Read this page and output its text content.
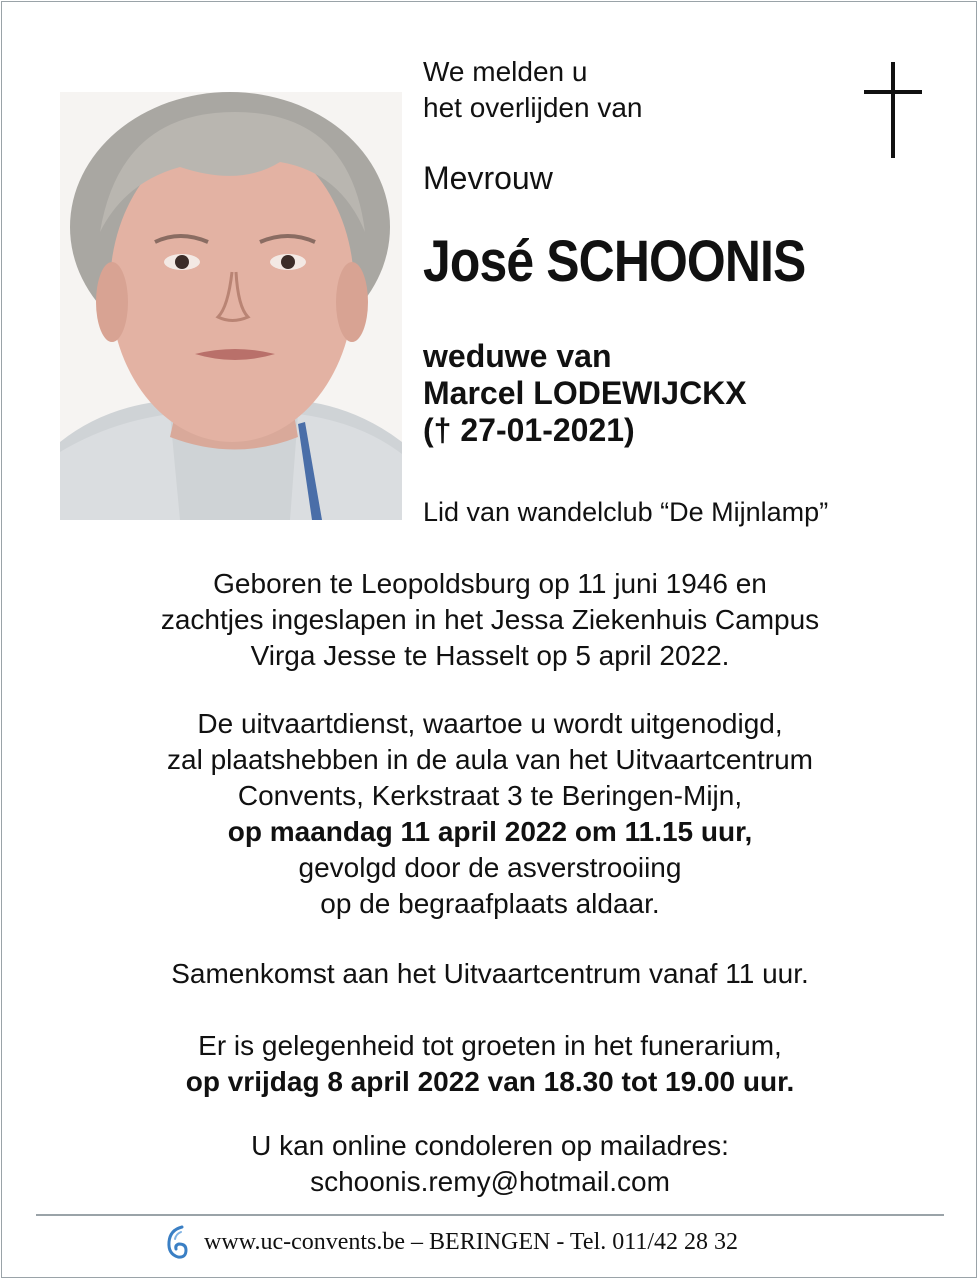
We melden u
het overlijden van
Mevrouw
José SCHOONIS
weduwe van
Marcel LODEWIJCKX
(† 27-01-2021)
Lid van wandelclub “De Mijnlamp”

Geboren te Leopoldsburg op 11 juni 1946 en

zachtjes ingeslapen in het Jessa Ziekenhuis Campus

Virga Jesse te Hasselt op 5 april 2022.

De uitvaartdienst, waartoe u wordt uitgenodigd,

zal plaatshebben in de aula van het Uitvaartcentrum

Convents, Kerkstraat 3 te Beringen-Mijn,

op maandag 11 april 2022 om 11.15 uur,

gevolgd door de asverstrooiing

op de begraafplaats aldaar.

Samenkomst aan het Uitvaartcentrum vanaf 11 uur.

Er is gelegenheid tot groeten in het funerarium,

op vrijdag 8 april 2022 van 18.30 tot 19.00 uur.

U kan online condoleren op mailadres:

schoonis.remy@hotmail.com

www.uc-convents.be – BERINGEN - Tel. 011/42 28 32
